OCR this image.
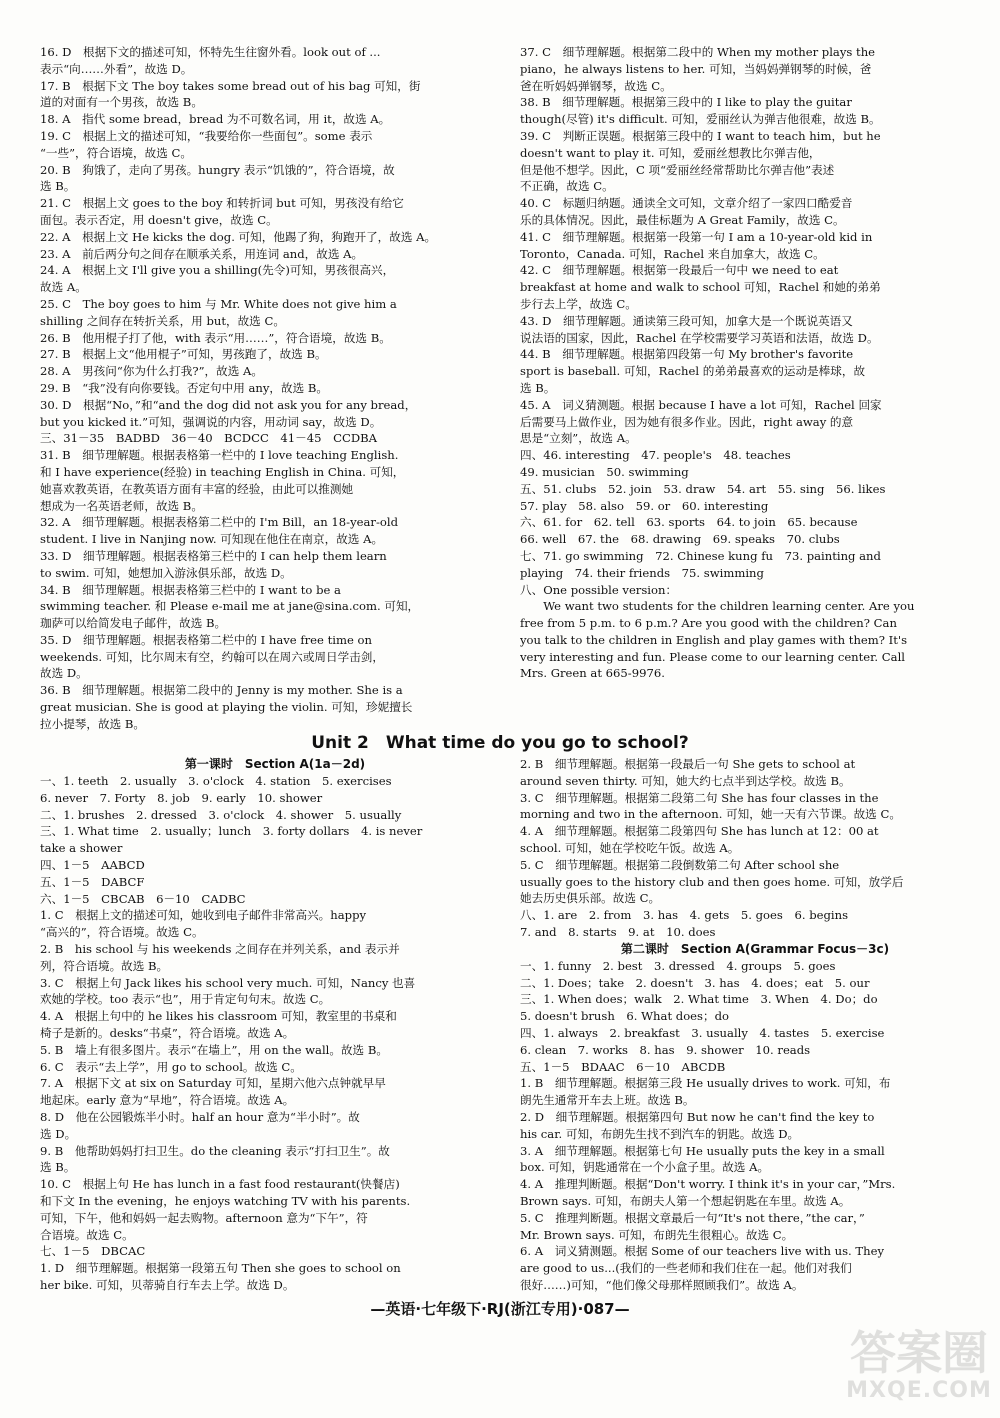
16. D　根据下文的描述可知，怀特先生往窗外看。look out of ...
表示“向……外看”，故选 D。
17. B　根据下文 The boy takes some bread out of his bag 可知，街
道的对面有一个男孩，故选 B。
18. A　指代 some bread，bread 为不可数名词，用 it，故选 A。
19. C　根据上文的描述可知，“我要给你一些面包”。some 表示
“一些”，符合语境，故选 C。
20. B　狗饿了，走向了男孩。hungry 表示“饥饿的”，符合语境，故
选 B。
21. C　根据上文 goes to the boy 和转折词 but 可知，男孩没有给它
面包。表示否定，用 doesn't give，故选 C。
22. A　根据上文 He kicks the dog. 可知，他踢了狗，狗跑开了，故选 A。
23. A　前后两分句之间存在顺承关系，用连词 and，故选 A。
24. A　根据上文 I'll give you a shilling(先令)可知，男孩很高兴，
故选 A。
25. C　The boy goes to him 与 Mr. White does not give him a
shilling 之间存在转折关系，用 but，故选 C。
26. B　他用棍子打了他，with 表示“用……”，符合语境，故选 B。
27. B　根据上文“他用棍子”可知，男孩跑了，故选 B。
28. A　男孩问“你为什么打我?”，故选 A。
29. B　“我”没有向你要钱。否定句中用 any，故选 B。
30. D　根据“No，”和“and the dog did not ask you for any bread，
but you kicked it.”可知，强调说的内容，用动词 say，故选 D。
三、31－35　BADBD　36－40　BCDCC　41－45　CCDBA
31. B　细节理解题。根据表格第一栏中的 I love teaching English.
和 I have experience(经验) in teaching English in China. 可知，
她喜欢教英语，在教英语方面有丰富的经验，由此可以推测她
想成为一名英语老师，故选 B。
32. A　细节理解题。根据表格第二栏中的 I'm Bill，an 18-year-old
student. I live in Nanjing now. 可知现在他住在南京，故选 A。
33. D　细节理解题。根据表格第三栏中的 I can help them learn
to swim. 可知，她想加入游泳俱乐部，故选 D。
34. B　细节理解题。根据表格第三栏中的 I want to be a
swimming teacher. 和 Please e-mail me at jane@sina.com. 可知，
珈萨可以给简发电子邮件，故选 B。
35. D　细节理解题。根据表格第二栏中的 I have free time on
weekends. 可知，比尔周末有空，约翰可以在周六或周日学击剑，
故选 D。
36. B　细节理解题。根据第二段中的 Jenny is my mother. She is a
great musician. She is good at playing the violin. 可知，珍妮擅长
拉小提琴，故选 B。
37. C　细节理解题。根据第二段中的 When my mother plays the
piano，he always listens to her. 可知，当妈妈弹钢琴的时候，爸
爸在听妈妈弹钢琴，故选 C。
38. B　细节理解题。根据第三段中的 I like to play the guitar
though(尽管) it's difficult. 可知，爱丽丝认为弹吉他很难，故选 B。
39. C　判断正误题。根据第三段中的 I want to teach him，but he
doesn't want to play it. 可知，爱丽丝想教比尔弹吉他，
但是他不想学。因此，C 项“爱丽丝经常帮助比尔弹吉他”表述
不正确，故选 C。
40. C　标题归纳题。通读全文可知，文章介绍了一家四口酷爱音
乐的具体情况。因此，最佳标题为 A Great Family，故选 C。
41. C　细节理解题。根据第一段第一句 I am a 10-year-old kid in
Toronto，Canada. 可知，Rachel 来自加拿大，故选 C。
42. C　细节理解题。根据第一段最后一句中 we need to eat
breakfast at home and walk to school 可知，Rachel 和她的弟弟
步行去上学，故选 C。
43. D　细节理解题。通读第三段可知，加拿大是一个既说英语又
说法语的国家，因此，Rachel 在学校需要学习英语和法语，故选 D。
44. B　细节理解题。根据第四段第一句 My brother's favorite
sport is baseball. 可知，Rachel 的弟弟最喜欢的运动是棒球，故
选 B。
45. A　词义猜测题。根据 because I have a lot 可知，Rachel 回家
后需要马上做作业，因为她有很多作业。因此，right away 的意
思是“立刻”，故选 A。
四、46. interesting　47. people's　48. teaches
49. musician　50. swimming
五、51. clubs　52. join　53. draw　54. art　55. sing　56. likes
57. play　58. also　59. or　60. interesting
六、61. for　62. tell　63. sports　64. to join　65. because
66. well　67. the　68. drawing　69. speaks　70. clubs
七、71. go swimming　72. Chinese kung fu　73. painting and
playing　74. their friends　75. swimming
八、One possible version：
　　We want two students for the children learning center. Are you
free from 5 p.m. to 6 p.m.? Are you good with the children? Can
you talk to the children in English and play games with them? It's
very interesting and fun. Please come to our learning center. Call
Mrs. Green at 665-9976.
Unit 2　What time do you go to school?
第一课时　Section A(1a－2d)
一、1. teeth　2. usually　3. o'clock　4. station　5. exercises
6. never　7. Forty　8. job　9. early　10. shower
二、1. brushes　2. dressed　3. o'clock　4. shower　5. usually
三、1. What time　2. usually；lunch　3. forty dollars　4. is never
take a shower
四、1－5　AABCD
五、1－5　DABCF
六、1－5　CBCAB　6－10　CADBC
1. C　根据上文的描述可知，她收到电子邮件非常高兴。happy
“高兴的”，符合语境。故选 C。
2. B　his school 与 his weekends 之间存在并列关系，and 表示并
列，符合语境。故选 B。
3. C　根据上句 Jack likes his school very much. 可知，Nancy 也喜
欢她的学校。too 表示“也”，用于肯定句句末。故选 C。
4. A　根据上句中的 he likes his classroom 可知，教室里的书桌和
椅子是新的。desks“书桌”，符合语境。故选 A。
5. B　墙上有很多图片。表示“在墙上”，用 on the wall。故选 B。
6. C　表示“去上学”，用 go to school。故选 C。
7. A　根据下文 at six on Saturday 可知，星期六他六点钟就早早
地起床。early 意为“早地”，符合语境。故选 A。
8. D　他在公园锻炼半小时。half an hour 意为“半小时”。故
选 D。
9. B　他帮助妈妈打扫卫生。do the cleaning 表示“打扫卫生”。故
选 B。
10. C　根据上句 He has lunch in a fast food restaurant(快餐店)
和下文 In the evening，he enjoys watching TV with his parents.
可知，下午，他和妈妈一起去购物。afternoon 意为“下午”，符
合语境。故选 C。
七、1－5　DBCAC
1. D　细节理解题。根据第一段第五句 Then she goes to school on
her bike. 可知，贝蒂骑自行车去上学。故选 D。
2. B　细节理解题。根据第一段最后一句 She gets to school at
around seven thirty. 可知，她大约七点半到达学校。故选 B。
3. C　细节理解题。根据第二段第二句 She has four classes in the
morning and two in the afternoon. 可知，她一天有六节课。故选 C。
4. A　细节理解题。根据第二段第四句 She has lunch at 12：00 at
school. 可知，她在学校吃午饭。故选 A。
5. C　细节理解题。根据第二段倒数第二句 After school she
usually goes to the history club and then goes home. 可知，放学后
她去历史俱乐部。故选 C。
八、1. are　2. from　3. has　4. gets　5. goes　6. begins
7. and　8. starts　9. at　10. does
第二课时　Section A(Grammar Focus－3c)
一、1. funny　2. best　3. dressed　4. groups　5. goes
二、1. Does；take　2. doesn't　3. has　4. does；eat　5. our
三、1. When does；walk　2. What time　3. When　4. Do；do
5. doesn't brush　6. What does；do
四、1. always　2. breakfast　3. usually　4. tastes　5. exercise
6. clean　7. works　8. has　9. shower　10. reads
五、1－5　BDAAC　6－10　ABCDB
1. B　细节理解题。根据第三段 He usually drives to work. 可知，布
朗先生通常开车去上班。故选 B。
2. D　细节理解题。根据第四句 But now he can't find the key to
his car. 可知，布朗先生找不到汽车的钥匙。故选 D。
3. A　细节理解题。根据第七句 He usually puts the key in a small
box. 可知，钥匙通常在一个小盒子里。故选 A。
4. A　推理判断题。根据“Don't worry. I think it's in your car，”Mrs.
Brown says. 可知，布朗夫人第一个想起钥匙在车里。故选 A。
5. C　推理判断题。根据文章最后一句“It's not there，”the car，”
Mr. Brown says. 可知，布朗先生很粗心。故选 C。
6. A　词义猜测题。根据 Some of our teachers live with us. They
are good to us...(我们的一些老师和我们住在一起。他们对我们
很好……)可知，“他们像父母那样照顾我们”。故选 A。
—英语·七年级下·RJ(浙江专用)·087—
答案圈
MXQE.COM
